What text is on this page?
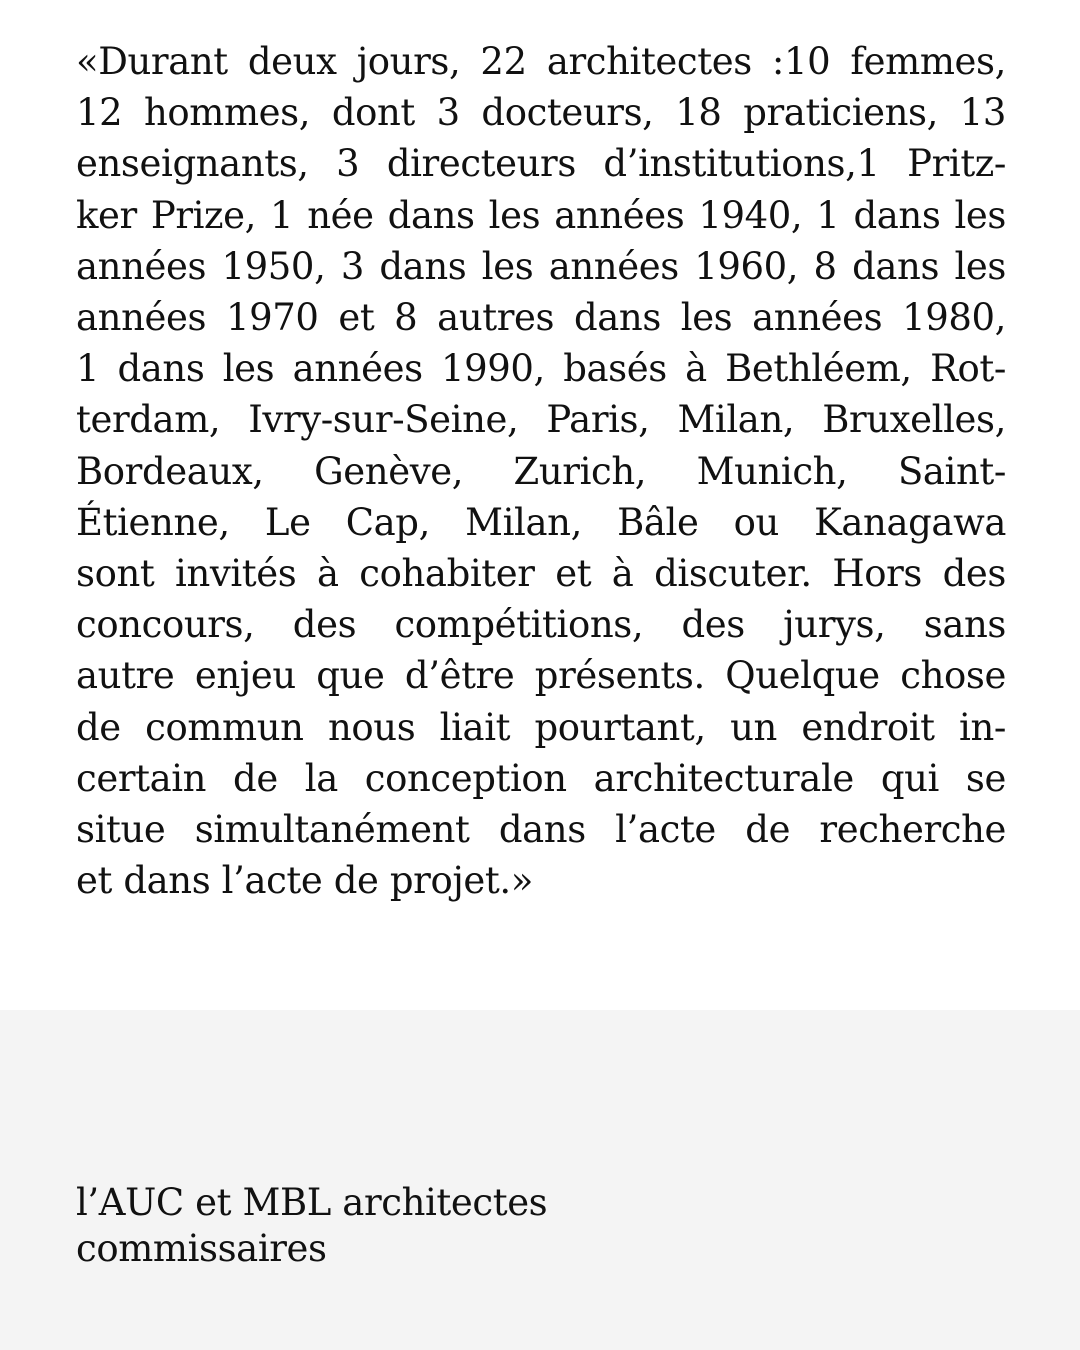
«Durant deux jours, 22 architectes :10 femmes,
12 hommes, dont 3 docteurs, 18 praticiens, 13
enseignants, 3 directeurs d’institutions,1 Pritz-
ker Prize, 1 née dans les années 1940, 1 dans les
années 1950, 3 dans les années 1960, 8 dans les
années 1970 et 8 autres dans les années 1980,
1 dans les années 1990, basés à Bethléem, Rot-
terdam, Ivry-sur-Seine, Paris, Milan, Bruxelles,
Bordeaux, Genève, Zurich, Munich, Saint-
Étienne, Le Cap, Milan, Bâle ou Kanagawa
sont invités à cohabiter et à discuter. Hors des
concours, des compétitions, des jurys, sans
autre enjeu que d’être présents. Quelque chose
de commun nous liait pourtant, un endroit in-
certain de la conception architecturale qui se
situe simultanément dans l’acte de recherche
et dans l’acte de projet.»

l’AUC et MBL architectes
commissaires
